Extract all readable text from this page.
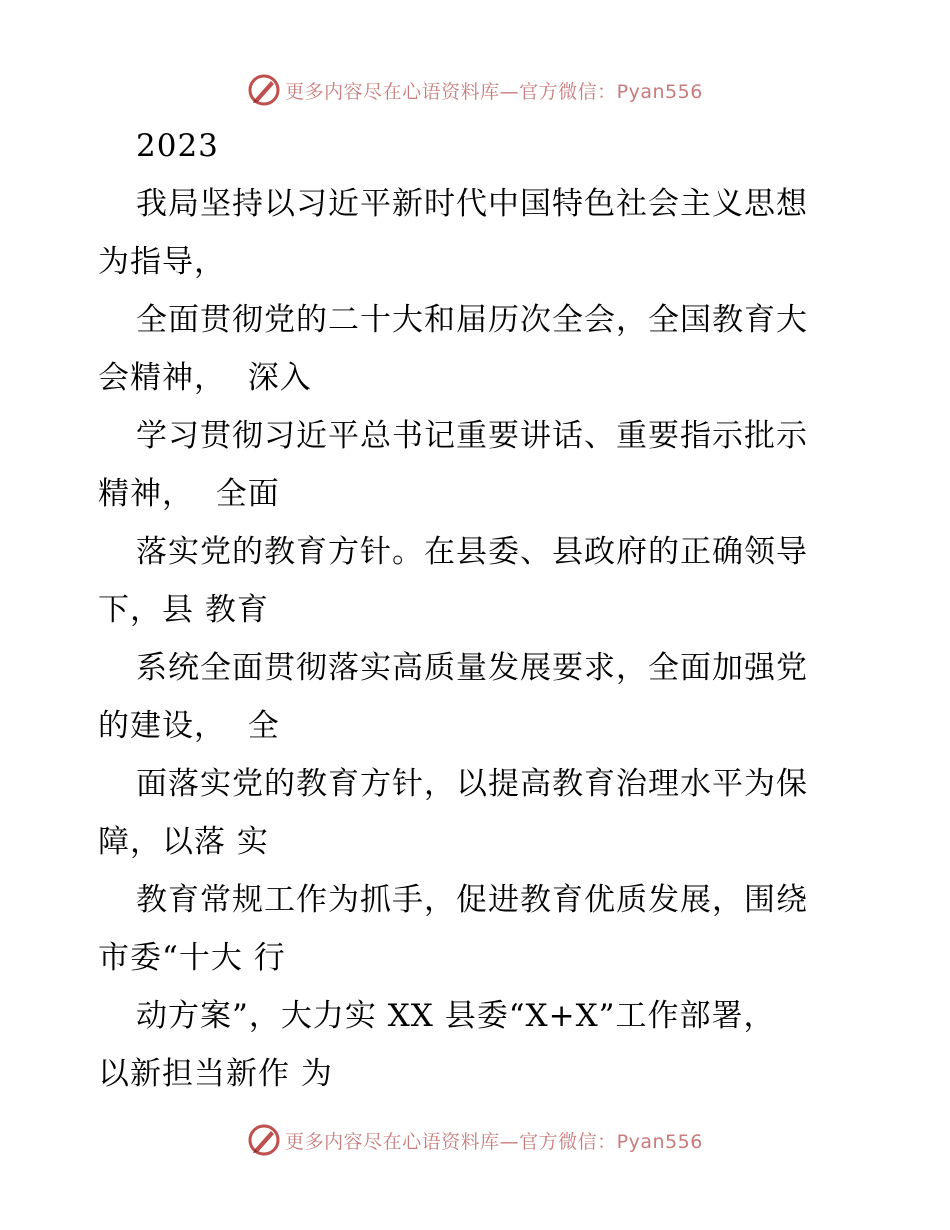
更多内容尽在心语资料库—官方微信：Pyan556
2023
我局坚持以习近平新时代中国特色社会主义思想
为指导，
全面贯彻党的二十大和届历次全会，全国教育大
会精神，  深入
学习贯彻习近平总书记重要讲话、重要指示批示
精神，  全面
落实党的教育方针。在县委、县政府的正确领导
下，县 教育
系统全面贯彻落实高质量发展要求，全面加强党
的建设，  全
面落实党的教育方针，以提高教育治理水平为保
障，以落 实
教育常规工作为抓手，促进教育优质发展，围绕
市委“十大 行
动方案”，大力实 XX 县委“X+X”工作部署，
以新担当新作 为
更多内容尽在心语资料库—官方微信：Pyan556
